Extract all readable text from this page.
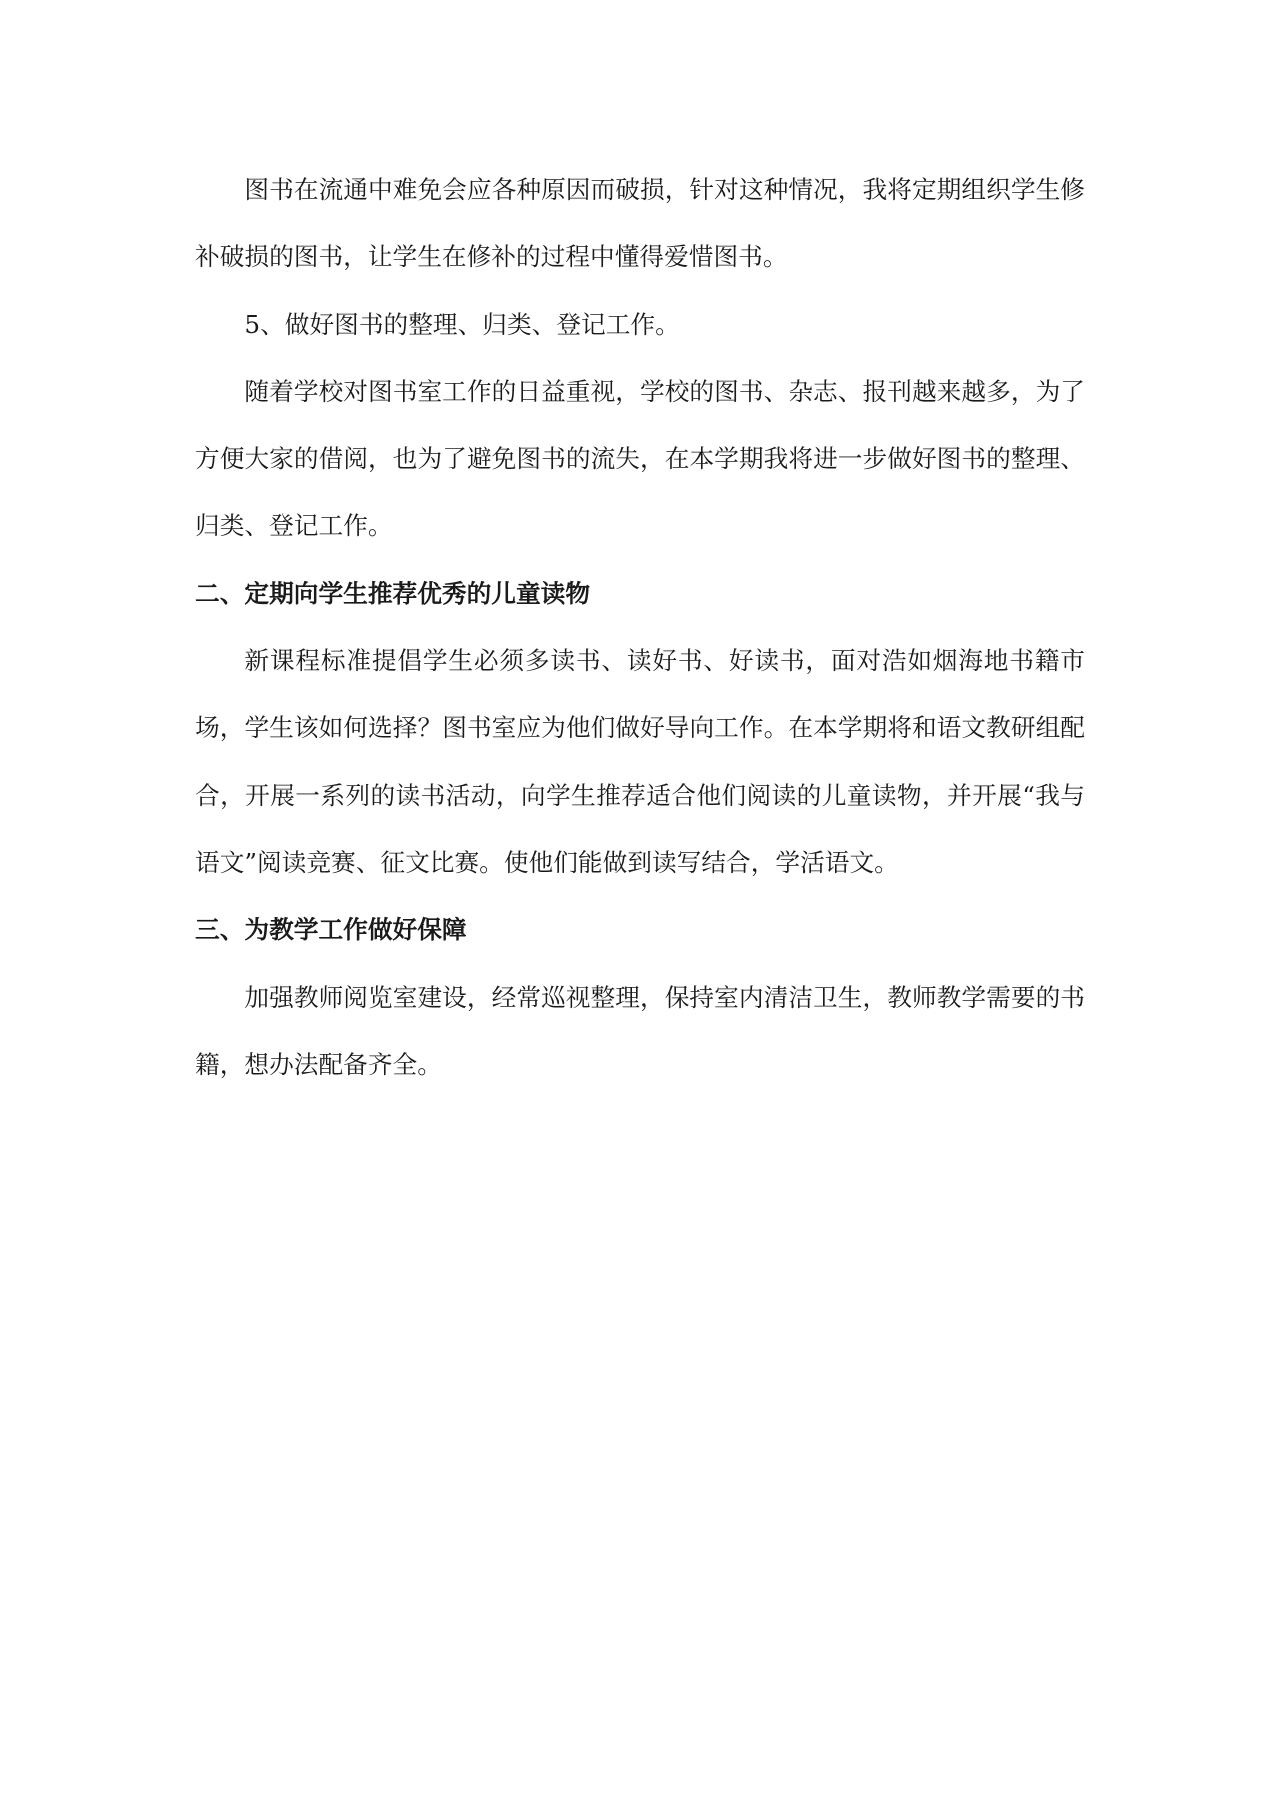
图书在流通中难免会应各种原因而破损，针对这种情况，我将定期组织学生修补破损的图书，让学生在修补的过程中懂得爱惜图书。

5、做好图书的整理、归类、登记工作。

随着学校对图书室工作的日益重视，学校的图书、杂志、报刊越来越多，为了方便大家的借阅，也为了避免图书的流失，在本学期我将进一步做好图书的整理、归类、登记工作。

二、定期向学生推荐优秀的儿童读物

新课程标准提倡学生必须多读书、读好书、好读书，面对浩如烟海地书籍市场，学生该如何选择？图书室应为他们做好导向工作。在本学期将和语文教研组配合，开展一系列的读书活动，向学生推荐适合他们阅读的儿童读物，并开展“我与语文”阅读竞赛、征文比赛。使他们能做到读写结合，学活语文。

三、为教学工作做好保障

加强教师阅览室建设，经常巡视整理，保持室内清洁卫生，教师教学需要的书籍，想办法配备齐全。
